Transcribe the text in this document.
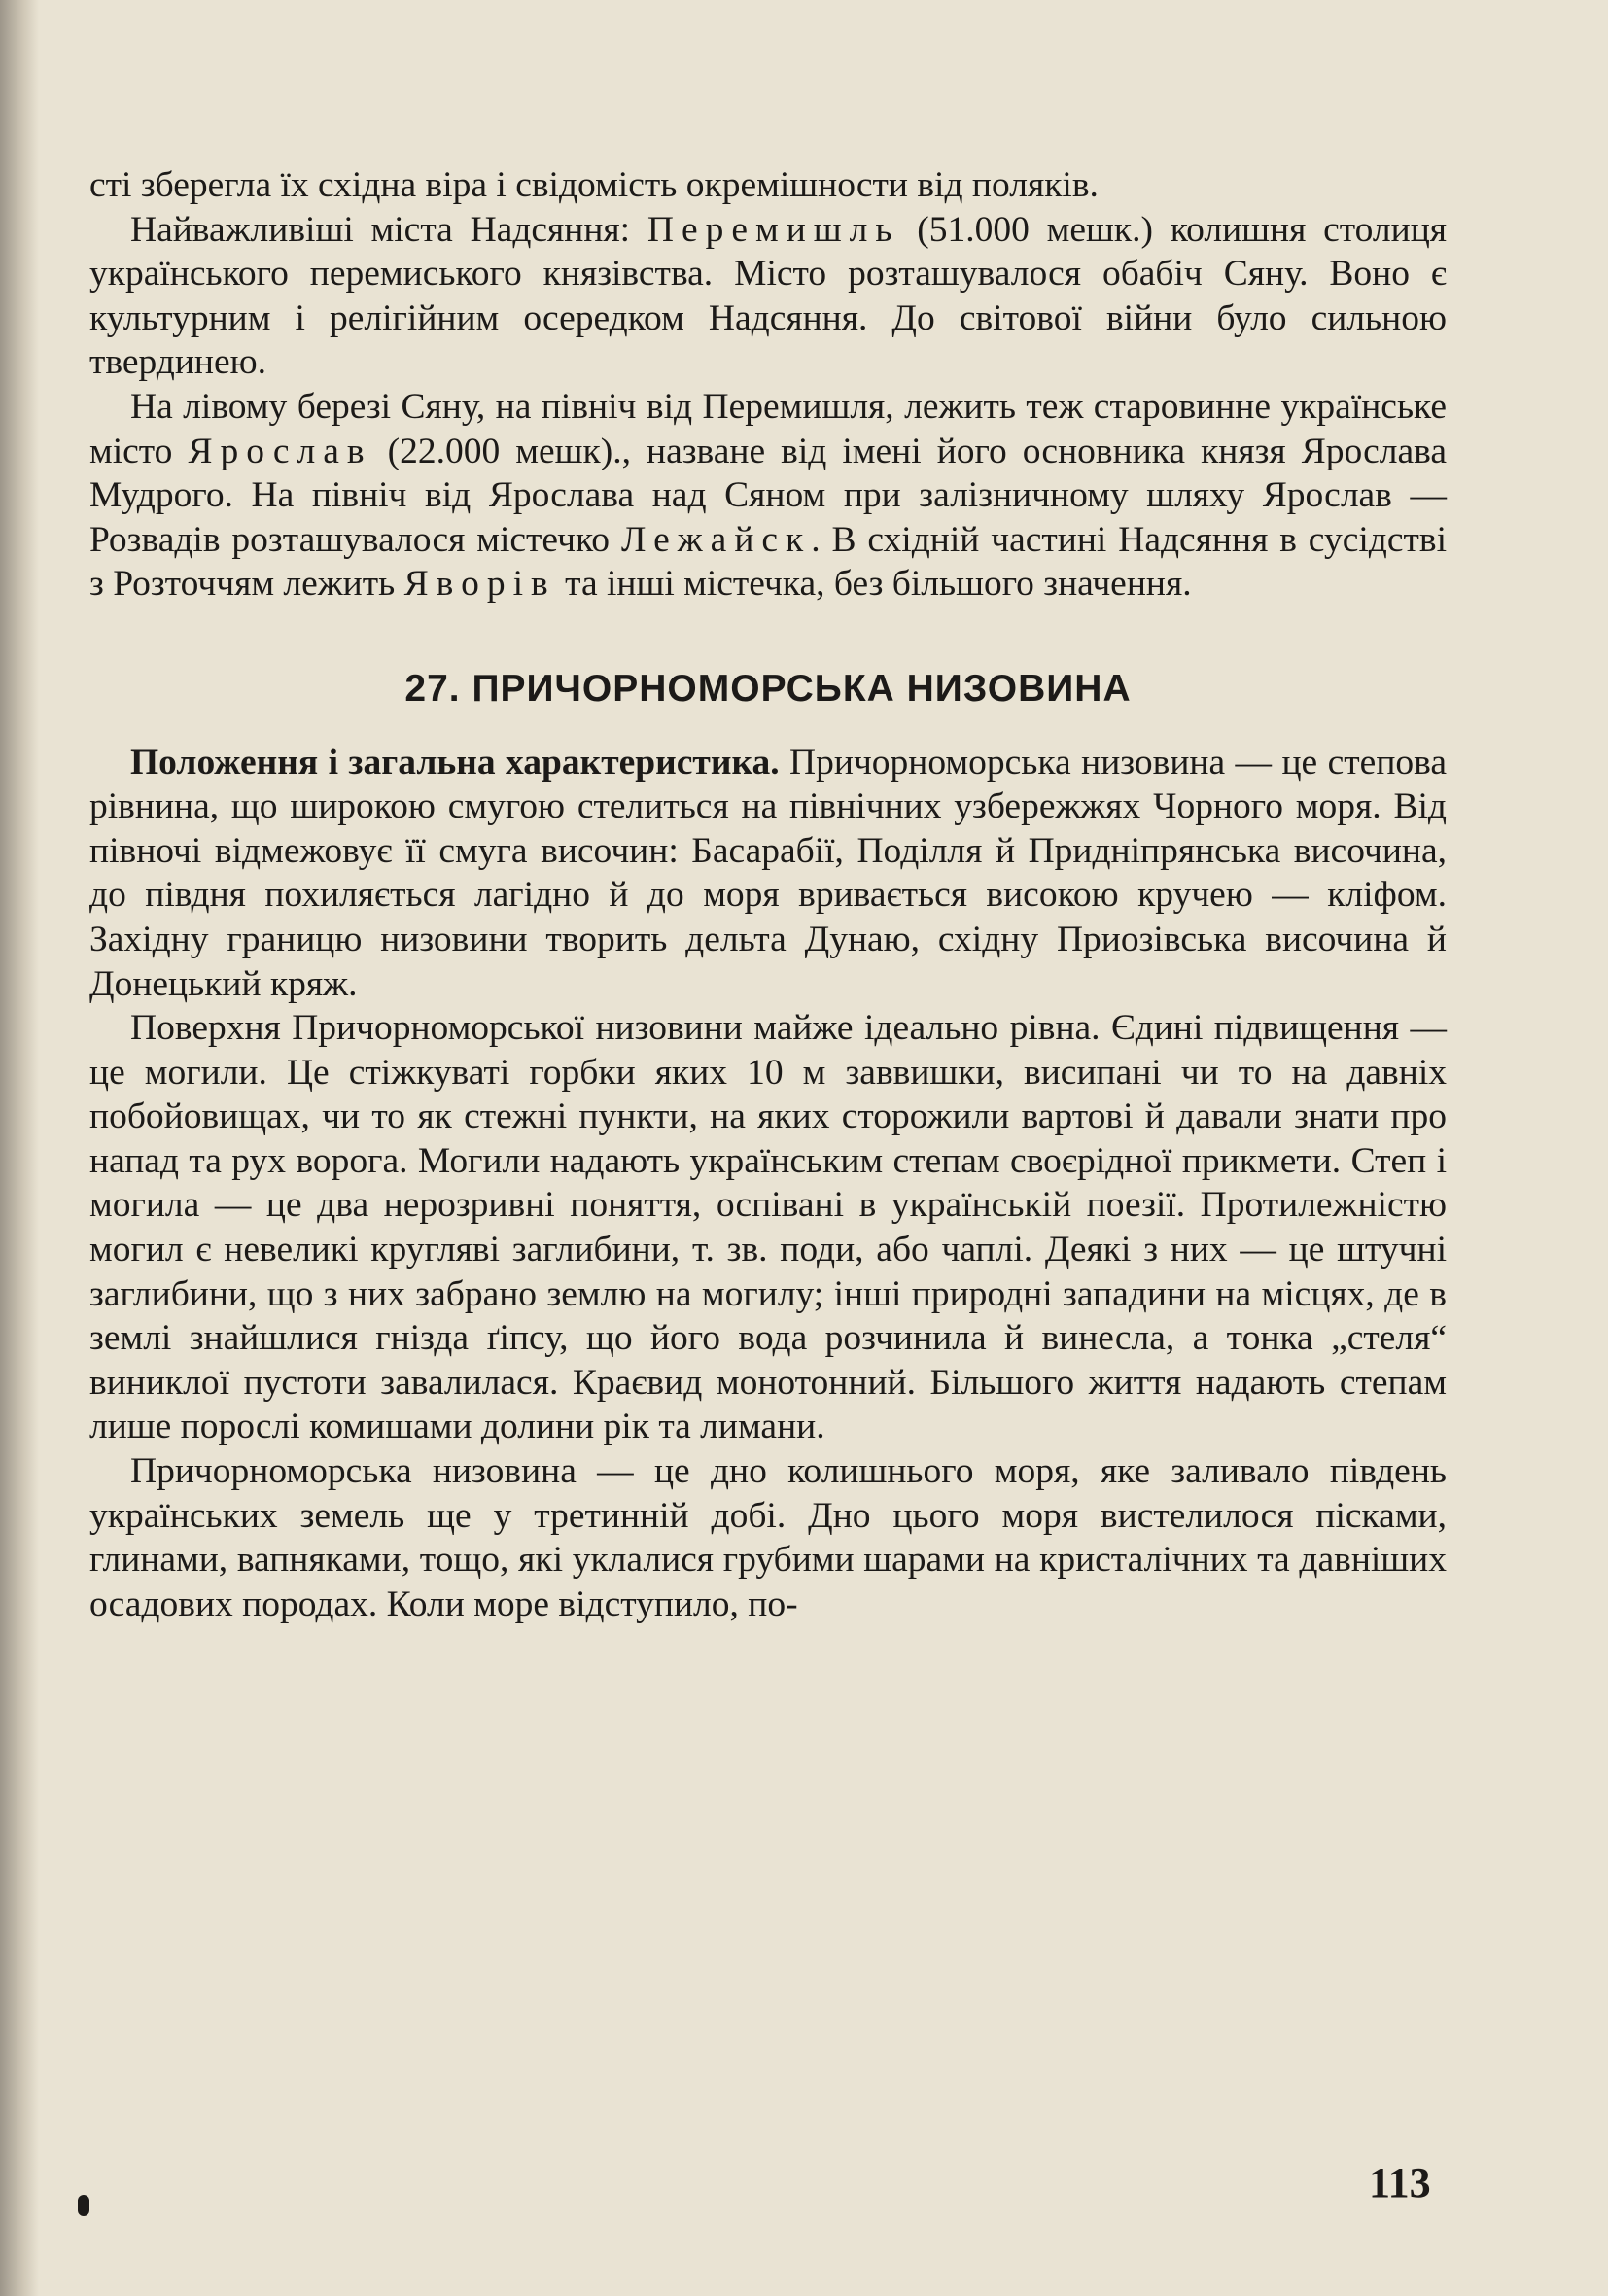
сті зберегла їх східна віра і свідомість окремішности від поляків.

Найважливіші міста Надсяння: Перемишль (51.000 мешк.) колишня столиця українського перемиського князівства. Місто розташувалося обабіч Сяну. Воно є культурним і релігійним осередком Надсяння. До світової війни було сильною твердинею.

На лівому березі Сяну, на північ від Перемишля, лежить теж старовинне українське місто Ярослав (22.000 мешк)., назване від імені його основника князя Ярослава Мудрого. На північ від Ярослава над Сяном при залізничному шляху Ярослав — Розвадів розташувалося містечко Лежайск. В східній частині Надсяння в сусідстві з Розточчям лежить Яворів та інші містечка, без більшого значення.

27. ПРИЧОРНОМОРСЬКА НИЗОВИНА

Положення і загальна характеристика. Причорноморська низовина — це степова рівнина, що широкою смугою стелиться на північних узбережжях Чорного моря. Від півночі відмежовує її смуга височин: Басарабії, Поділля й Придніпрянська височина, до півдня похиляється лагідно й до моря вривається високою кручею — кліфом. Західну границю низовини творить дельта Дунаю, східну Приозівська височина й Донецький кряж.

Поверхня Причорноморської низовини майже ідеально рівна. Єдині підвищення — це могили. Це стіжкуваті горбки яких 10 м заввишки, висипані чи то на давніх побойовищах, чи то як стежні пункти, на яких сторожили вартові й давали знати про напад та рух ворога. Могили надають українським степам своєрідної прикмети. Степ і могила — це два нерозривні поняття, оспівані в українській поезії. Протилежністю могил є невеликі кругляві заглибини, т. зв. поди, або чаплі. Деякі з них — це штучні заглибини, що з них забрано землю на могилу; інші природні западини на місцях, де в землі знайшлися гнізда ґіпсу, що його вода розчинила й винесла, а тонка „стеля“ виниклої пустоти завалилася. Краєвид монотонний. Більшого життя надають степам лише порослі комишами долини рік та лимани.

Причорноморська низовина — це дно колишнього моря, яке заливало південь українських земель ще у третинній добі. Дно цього моря вистелилося пісками, глинами, вапняками, тощо, які уклалися грубими шарами на кристалічних та давніших осадових породах. Коли море відступило, по-

113
